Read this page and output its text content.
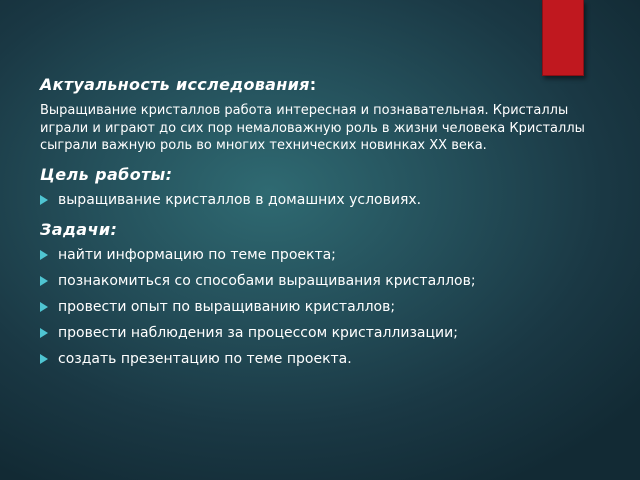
Актуальность исследования:

Выращивание кристаллов работа интересная и познавательная. Кристаллы играли и играют до сих пор немаловажную роль в жизни человека Кристаллы сыграли важную роль во многих технических новинках XX века.

Цель работы:
выращивание кристаллов в домашних условиях.
Задачи:
найти информацию по теме проекта;
познакомиться со способами выращивания кристаллов;
провести опыт по выращиванию кристаллов;
провести наблюдения за процессом кристаллизации;
создать презентацию по теме проекта.
